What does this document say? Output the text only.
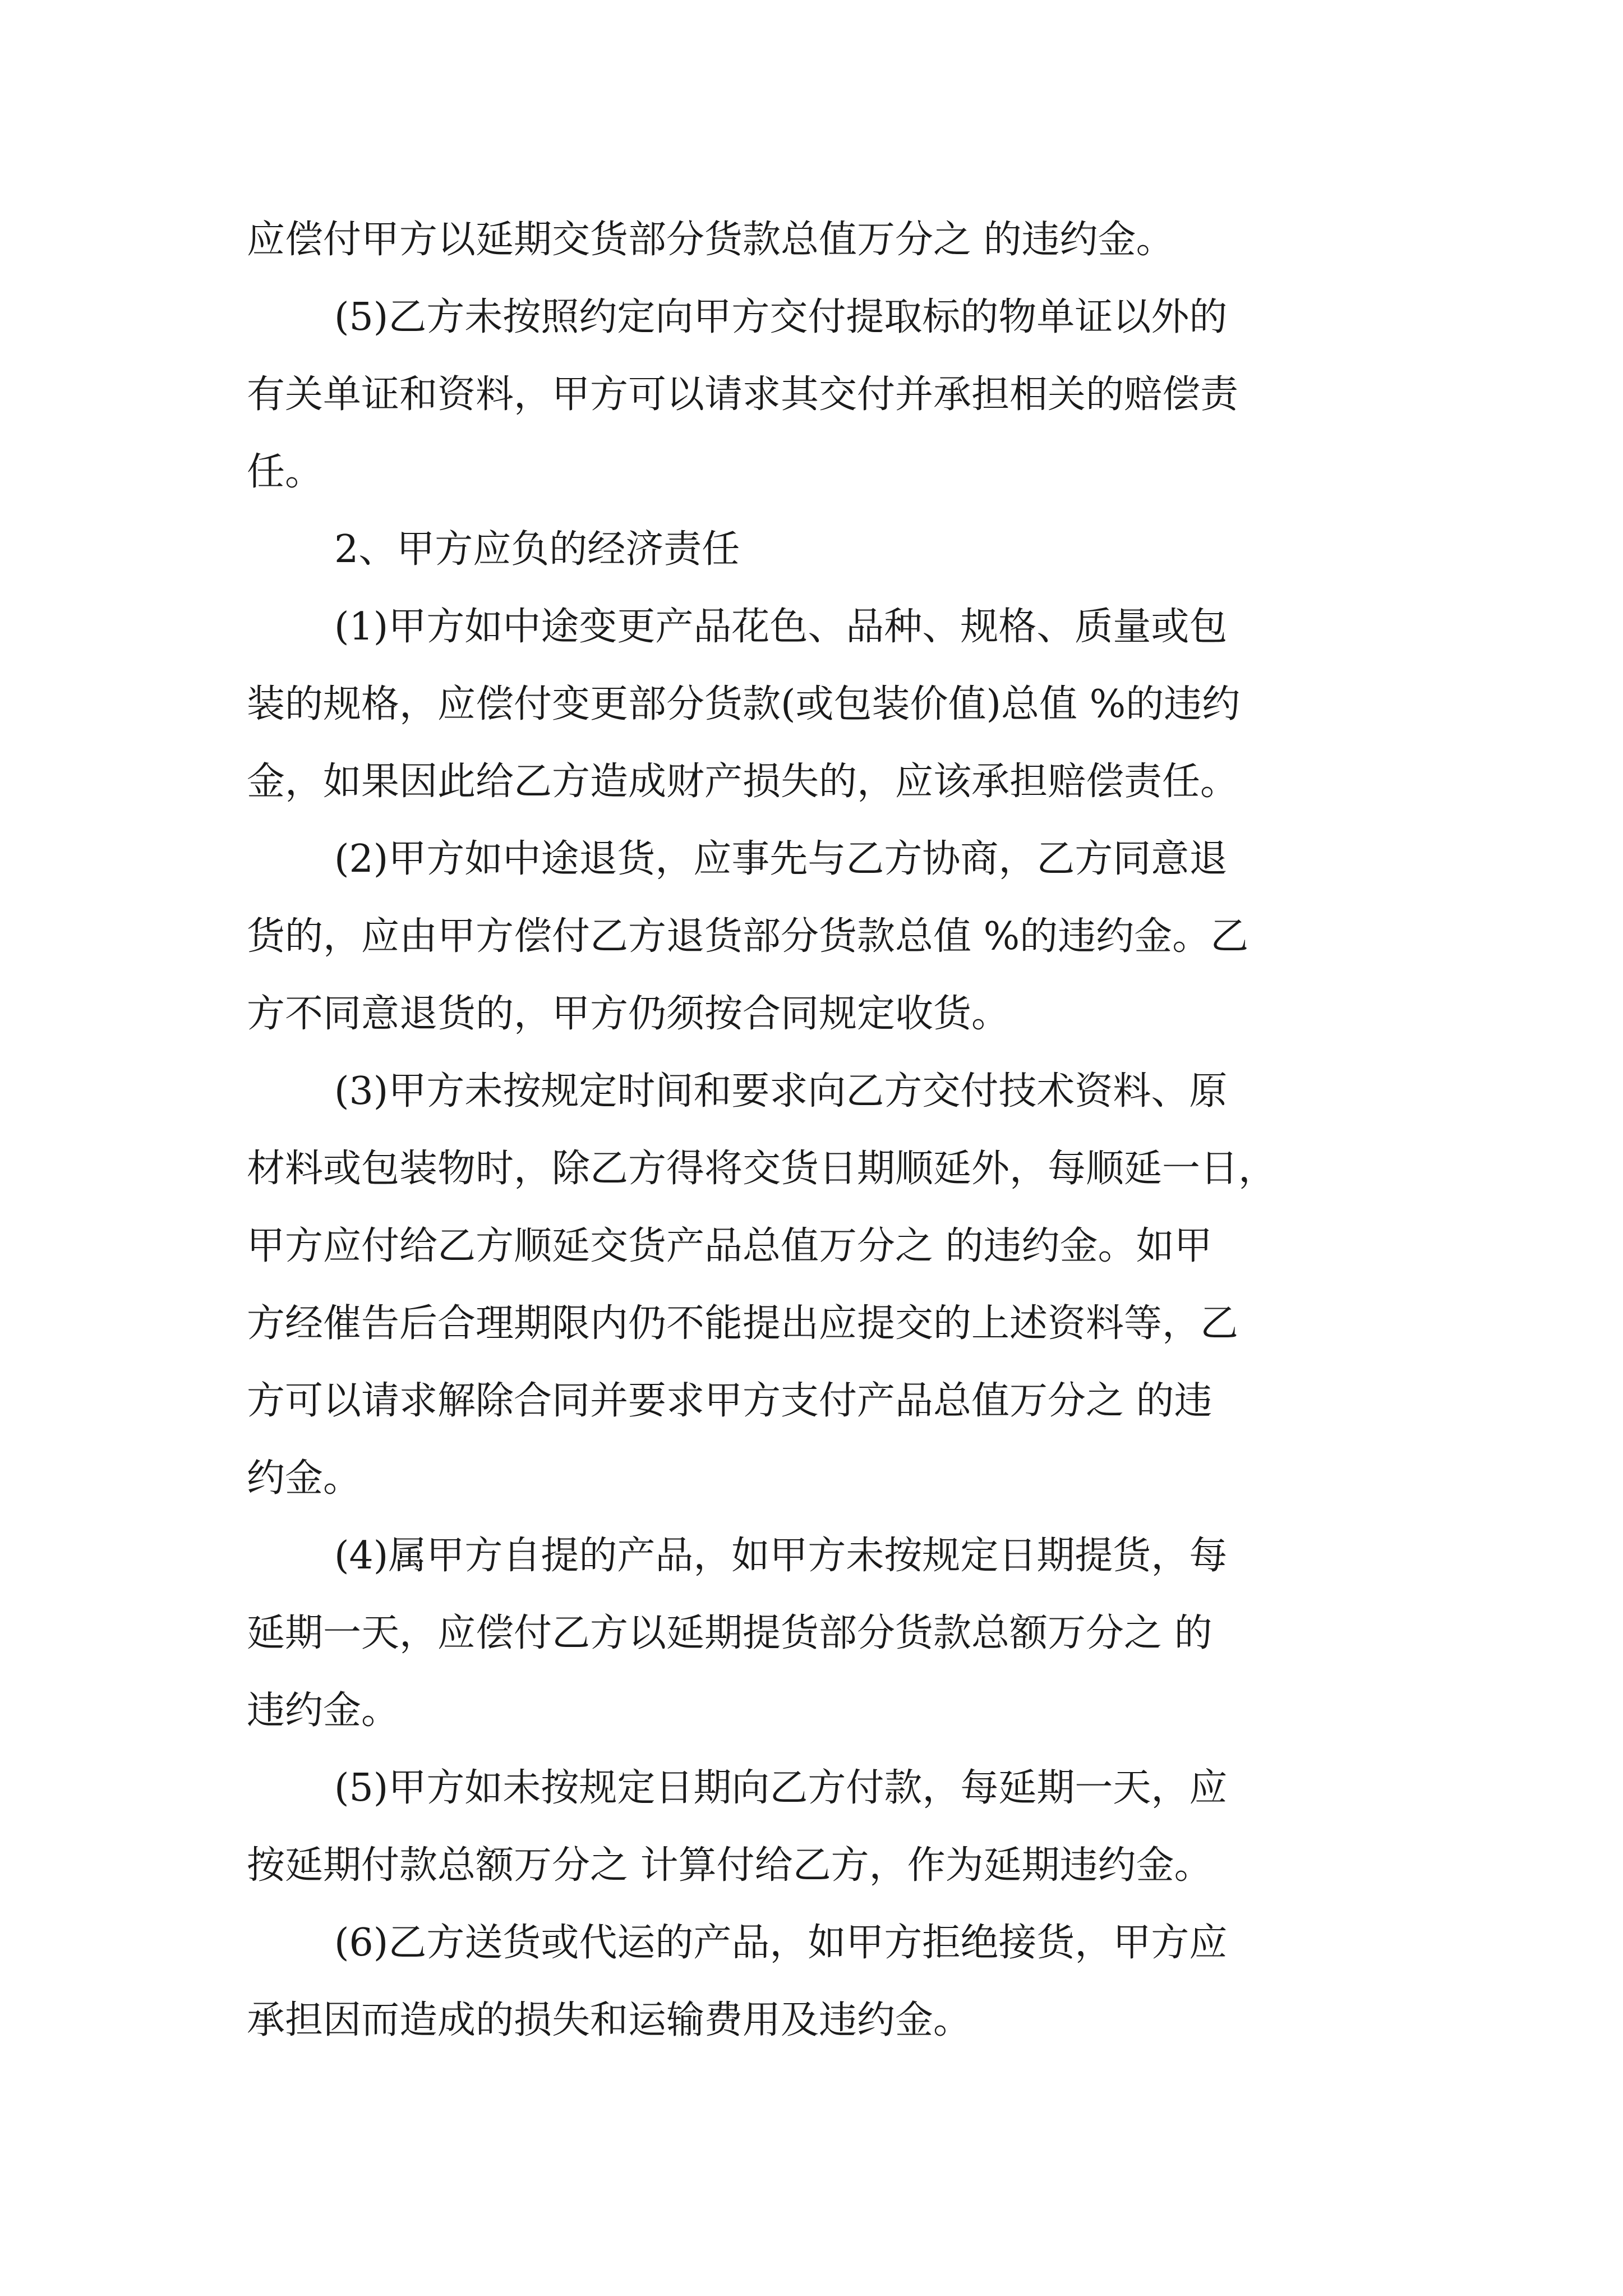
应偿付甲方以延期交货部分货款总值万分之 的违约金。

(5)乙方未按照约定向甲方交付提取标的物单证以外的

有关单证和资料，甲方可以请求其交付并承担相关的赔偿责

任。

2、甲方应负的经济责任

(1)甲方如中途变更产品花色、品种、规格、质量或包

装的规格，应偿付变更部分货款(或包装价值)总值 %的违约

金，如果因此给乙方造成财产损失的，应该承担赔偿责任。

(2)甲方如中途退货，应事先与乙方协商，乙方同意退

货的，应由甲方偿付乙方退货部分货款总值 %的违约金。乙

方不同意退货的，甲方仍须按合同规定收货。

(3)甲方未按规定时间和要求向乙方交付技术资料、原

材料或包装物时，除乙方得将交货日期顺延外，每顺延一日，

甲方应付给乙方顺延交货产品总值万分之 的违约金。如甲

方经催告后合理期限内仍不能提出应提交的上述资料等，乙

方可以请求解除合同并要求甲方支付产品总值万分之 的违

约金。

(4)属甲方自提的产品，如甲方未按规定日期提货，每

延期一天，应偿付乙方以延期提货部分货款总额万分之 的

违约金。

(5)甲方如未按规定日期向乙方付款，每延期一天，应

按延期付款总额万分之 计算付给乙方，作为延期违约金。

(6)乙方送货或代运的产品，如甲方拒绝接货，甲方应

承担因而造成的损失和运输费用及违约金。
